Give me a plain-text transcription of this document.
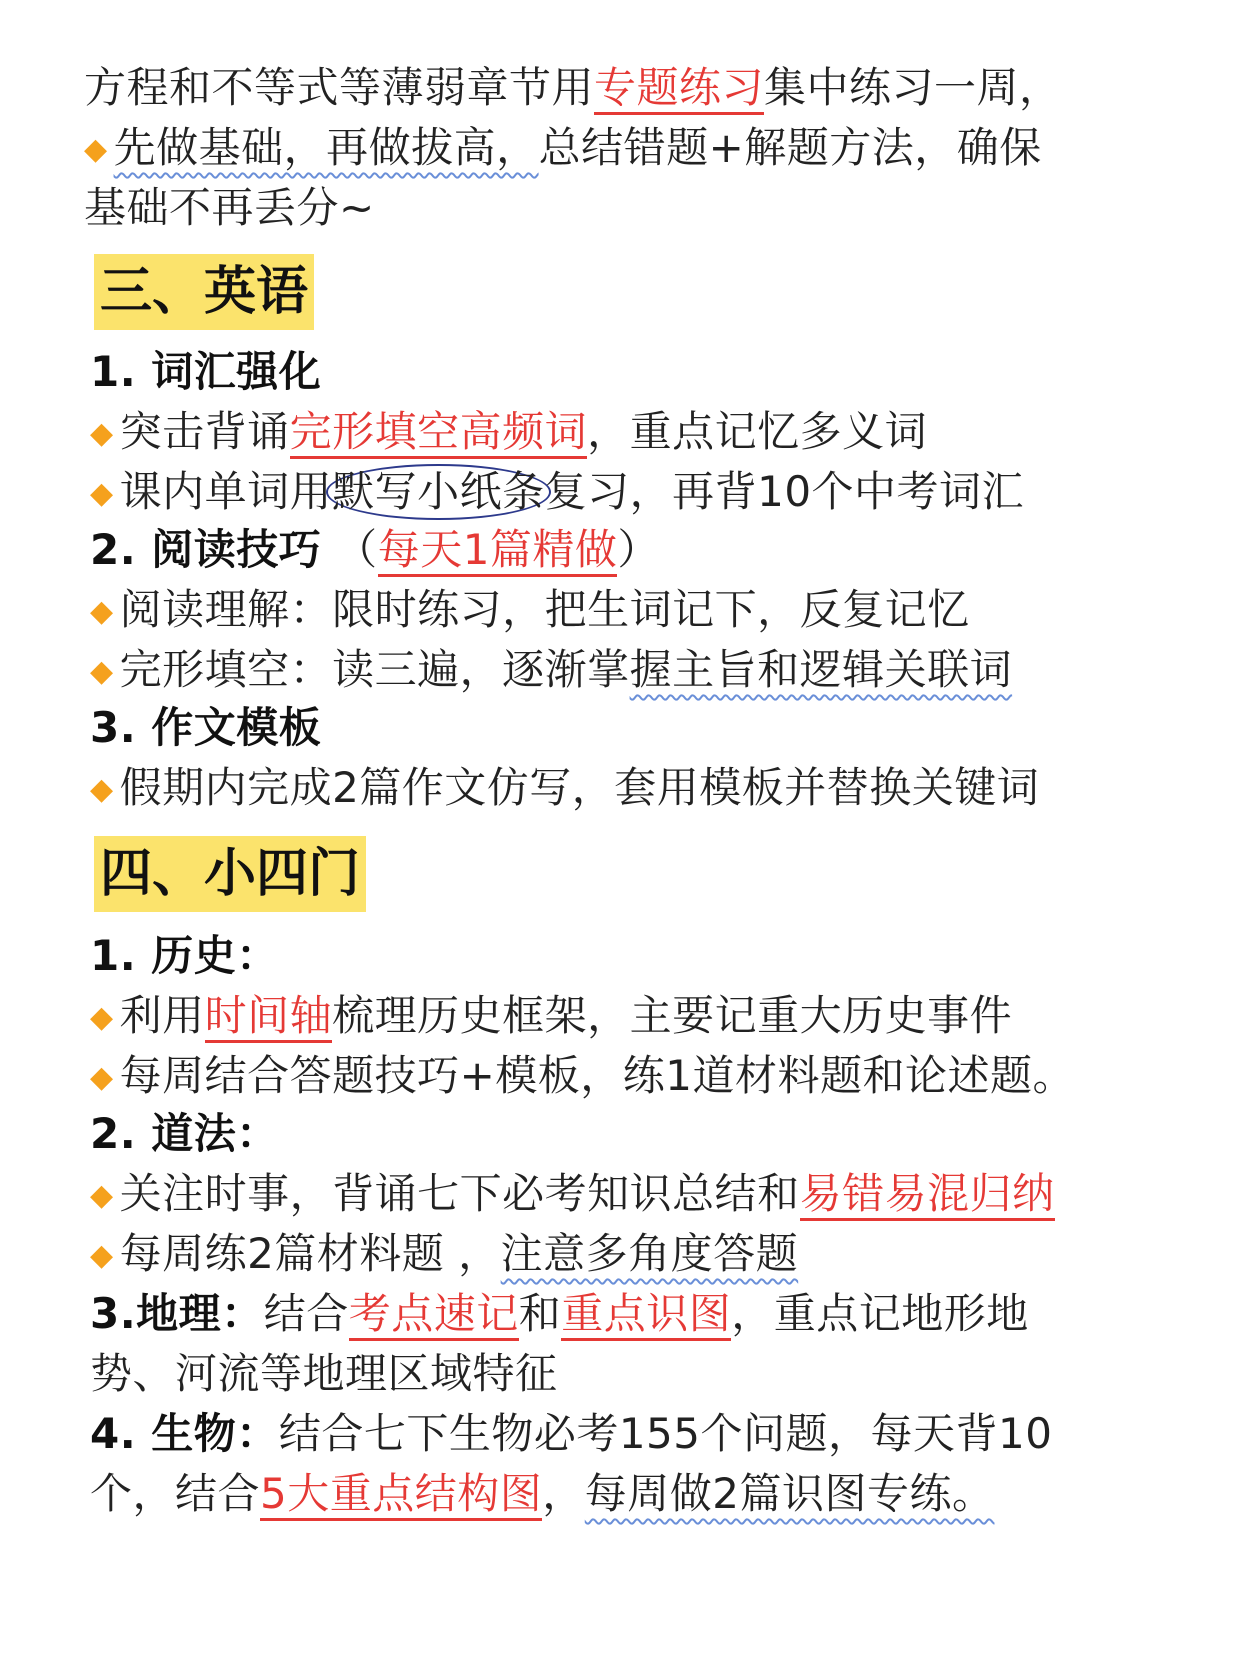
方程和不等式等薄弱章节用专题练习集中练习一周，
◆ 先做基础，再做拔高，总结错题+解题方法，确保
基础不再丢分~
三、英语
1. 词汇强化
◆ 突击背诵完形填空高频词，重点记忆多义词
◆ 课内单词用默写小纸条复习，再背10个中考词汇
2. 阅读技巧 （每天1篇精做）
◆ 阅读理解：限时练习，把生词记下，反复记忆
◆ 完形填空：读三遍，逐渐掌握主旨和逻辑关联词
3. 作文模板
◆ 假期内完成2篇作文仿写，套用模板并替换关键词
四、小四门
1. 历史：
◆ 利用时间轴梳理历史框架，主要记重大历史事件
◆ 每周结合答题技巧+模板，练1道材料题和论述题。
2. 道法：
◆ 关注时事，背诵七下必考知识总结和易错易混归纳
◆ 每周练2篇材料题 ，注意多角度答题
3.地理：结合考点速记和重点识图，重点记地形地
势、河流等地理区域特征
4. 生物：结合七下生物必考155个问题，每天背10
个，结合5大重点结构图，每周做2篇识图专练。
